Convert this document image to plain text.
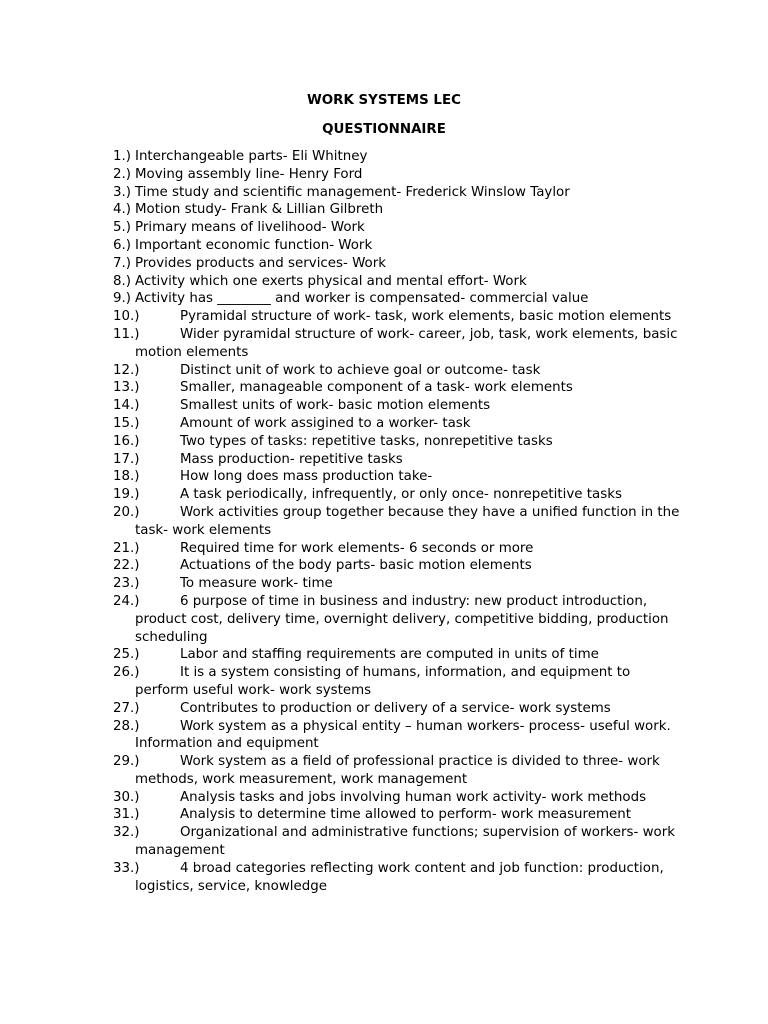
WORK SYSTEMS LEC
QUESTIONNAIRE
1.) Interchangeable parts- Eli Whitney
2.) Moving assembly line- Henry Ford
3.) Time study and scientific management- Frederick Winslow Taylor
4.) Motion study- Frank & Lillian Gilbreth
5.) Primary means of livelihood- Work
6.) Important economic function- Work
7.) Provides products and services- Work
8.) Activity which one exerts physical and mental effort- Work
9.) Activity has ________ and worker is compensated- commercial value
10.)	Pyramidal structure of work- task, work elements, basic motion elements
11.)	Wider pyramidal structure of work- career, job, task, work elements, basic motion elements
12.)	Distinct unit of work to achieve goal or outcome- task
13.)	Smaller, manageable component of a task- work elements
14.)	Smallest units of work- basic motion elements
15.)	Amount of work assigined to a worker- task
16.)	Two types of tasks: repetitive tasks, nonrepetitive tasks
17.)	Mass production- repetitive tasks
18.)	How long does mass production take-
19.)	A task periodically, infrequently, or only once- nonrepetitive tasks
20.)	Work activities group together because they have a unified function in the task- work elements
21.)	Required time for work elements- 6 seconds or more
22.)	Actuations of the body parts- basic motion elements
23.)	To measure work- time
24.)	6 purpose of time in business and industry: new product introduction, product cost, delivery time, overnight delivery, competitive bidding, production scheduling
25.)	Labor and staffing requirements are computed in units of time
26.)	It is a system consisting of humans, information, and equipment to perform useful work- work systems
27.)	Contributes to production or delivery of a service- work systems
28.)	Work system as a physical entity – human workers- process- useful work. Information and equipment
29.)	Work system as a field of professional practice is divided to three- work methods, work measurement, work management
30.)	Analysis tasks and jobs involving human work activity- work methods
31.)	Analysis to determine time allowed to perform- work measurement
32.)	Organizational and administrative functions; supervision of workers- work management
33.)	4 broad categories reflecting work content and job function: production, logistics, service, knowledge
